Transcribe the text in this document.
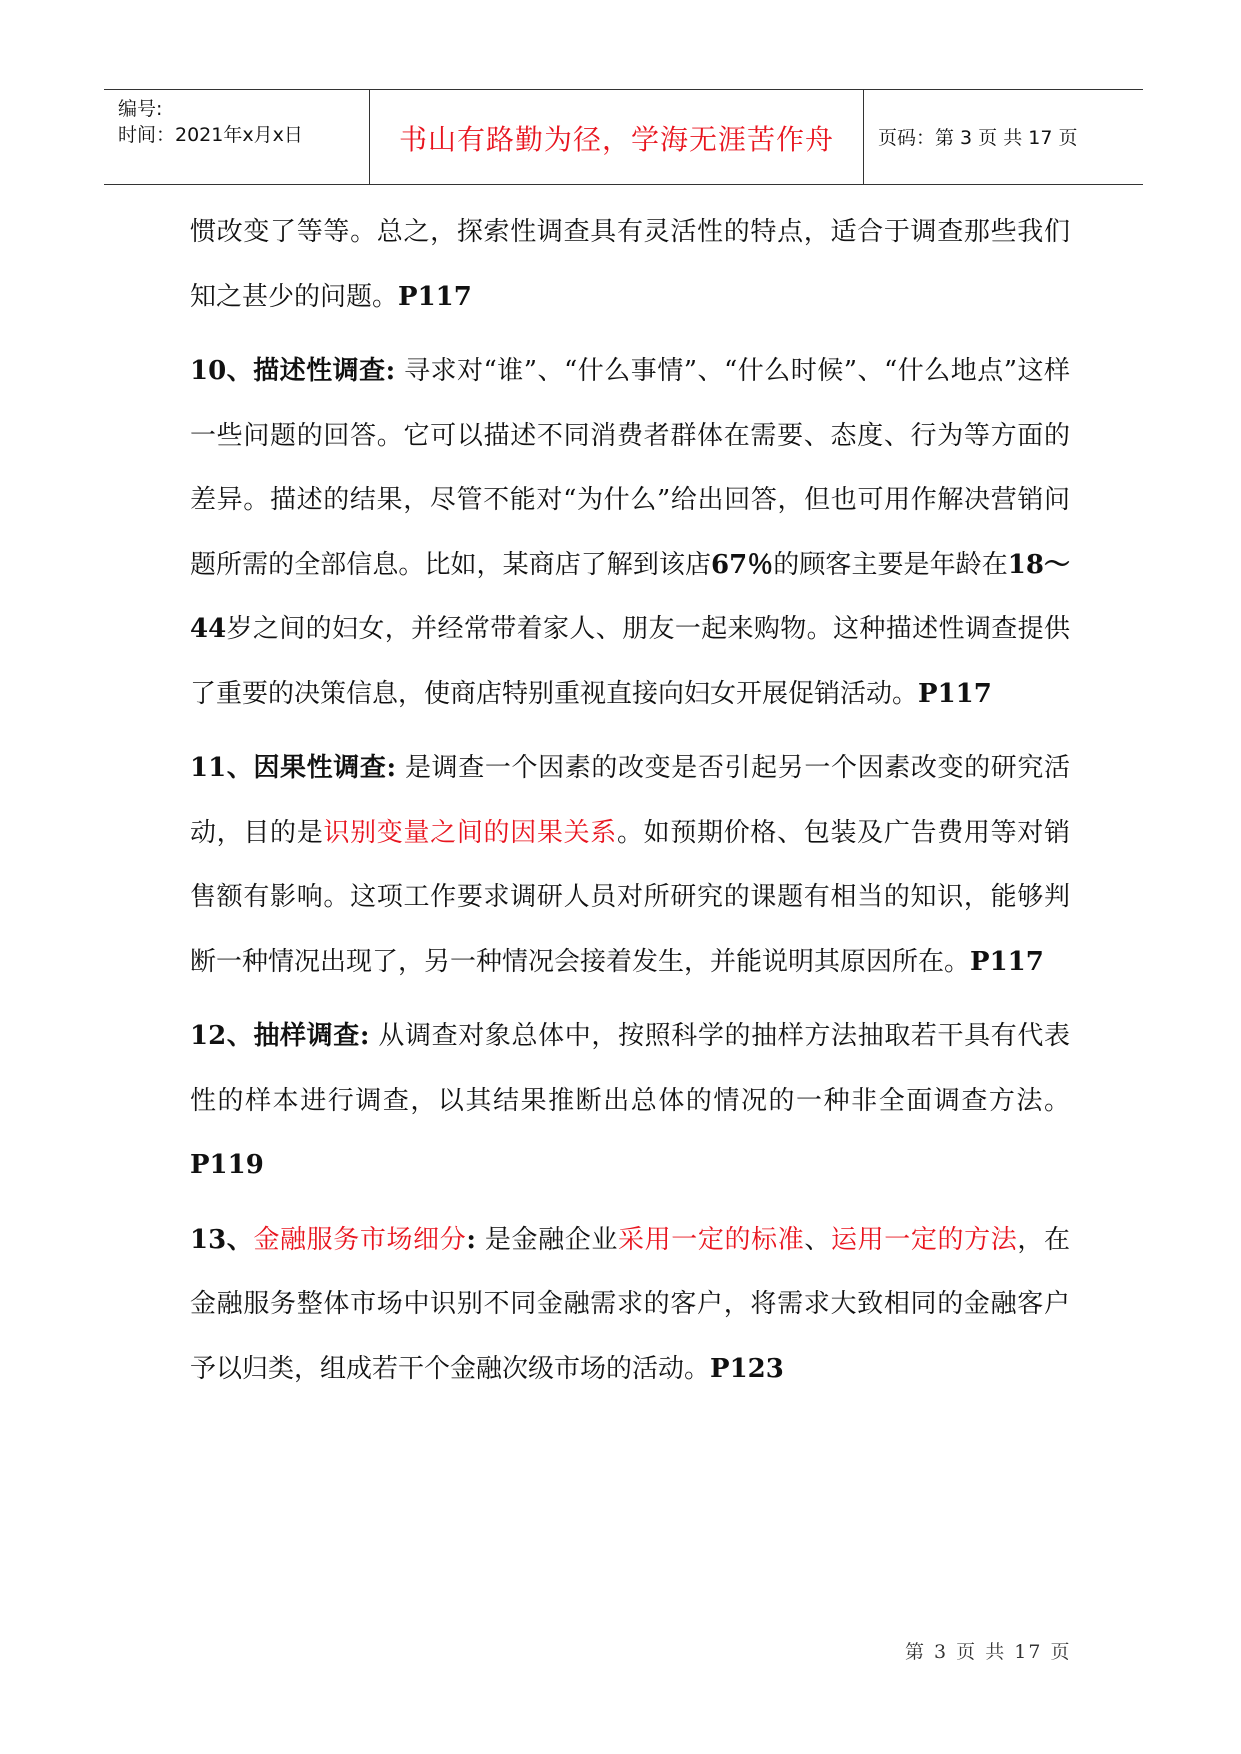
编号:
时间：2021年x月x日	书山有路勤为径，学海无涯苦作舟	页码：第 3 页 共 17 页

惯改变了等等。总之，探索性调查具有灵活性的特点，适合于调查那些我们知之甚少的问题。P117

10、描述性调查: 寻求对“谁”、“什么事情”、“什么时候”、“什么地点”这样一些问题的回答。它可以描述不同消费者群体在需要、态度、行为等方面的差异。描述的结果，尽管不能对“为什么”给出回答，但也可用作解决营销问题所需的全部信息。比如，某商店了解到该店67％的顾客主要是年龄在18～44岁之间的妇女，并经常带着家人、朋友一起来购物。这种描述性调查提供了重要的决策信息，使商店特别重视直接向妇女开展促销活动。P117

11、因果性调查: 是调查一个因素的改变是否引起另一个因素改变的研究活动，目的是识别变量之间的因果关系。如预期价格、包装及广告费用等对销售额有影响。这项工作要求调研人员对所研究的课题有相当的知识，能够判断一种情况出现了，另一种情况会接着发生，并能说明其原因所在。P117

12、抽样调查: 从调查对象总体中，按照科学的抽样方法抽取若干具有代表性的样本进行调查，以其结果推断出总体的情况的一种非全面调查方法。P119

13、金融服务市场细分: 是金融企业采用一定的标准、运用一定的方法，在金融服务整体市场中识别不同金融需求的客户，将需求大致相同的金融客户予以归类，组成若干个金融次级市场的活动。P123

第 3 页 共 17 页
